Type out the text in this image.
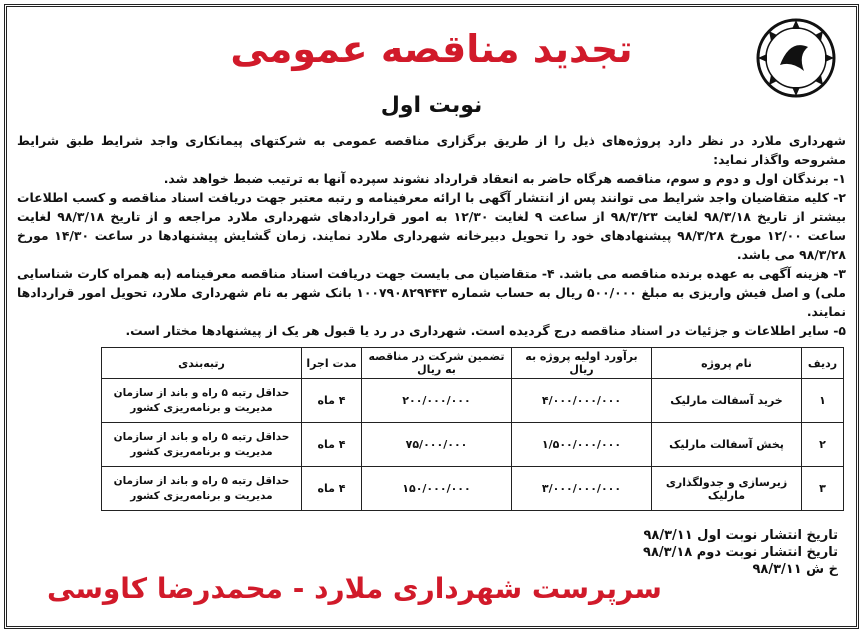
تجدید مناقصه عمومی
نوبت اول

شهرداری ملارد در نظر دارد پروژه‌های ذیل را از طریق برگزاری مناقصه عمومی به شرکتهای پیمانکاری واجد شرایط طبق شرایط مشروحه واگذار نماید:

۱- برندگان اول و دوم و سوم، مناقصه هرگاه حاضر به انعقاد قرارداد نشوند سپرده آنها به ترتیب ضبط خواهد شد.

۲- کلیه متقاضیان واجد شرایط می توانند پس از انتشار آگهی با ارائه معرفینامه و رتبه معتبر جهت دریافت اسناد مناقصه و کسب اطلاعات بیشتر از تاریخ ۹۸/۳/۱۸ لغایت ۹۸/۳/۲۳ از ساعت ۹ لغایت ۱۲/۳۰ به امور قراردادهای شهرداری ملارد مراجعه و از تاریخ ۹۸/۳/۱۸ لغایت ساعت ۱۲/۰۰ مورخ ۹۸/۳/۲۸ پیشنهادهای خود را تحویل دبیرخانه شهرداری ملارد نمایند. زمان گشایش پیشنهادها در ساعت ۱۴/۳۰ مورخ ۹۸/۳/۲۸ می باشد.

۳- هزینه آگهی به عهده برنده مناقصه می باشد. ۴- متقاضیان می بایست جهت دریافت اسناد مناقصه معرفینامه (به همراه کارت شناسایی ملی) و اصل فیش واریزی به مبلغ ۵۰۰/۰۰۰ ریال به حساب شماره ۱۰۰۷۹۰۸۲۹۴۴۳ بانک شهر به نام شهرداری ملارد، تحویل امور قراردادها نمایند.

۵- سایر اطلاعات و جزئیات در اسناد مناقصه درج گردیده است. شهرداری در رد یا قبول هر یک از پیشنهادها مختار است.

ردیف	نام پروژه	برآورد اولیه پروژه به ریال	تضمین شرکت در مناقصه به ریال	مدت اجرا	رتبه‌بندی
۱	خرید آسفالت مارلیک	۴/۰۰۰/۰۰۰/۰۰۰	۲۰۰/۰۰۰/۰۰۰	۴ ماه	حداقل رتبه ۵ راه و باند از سازمان مدیریت و برنامه‌ریزی کشور
۲	پخش آسفالت مارلیک	۱/۵۰۰/۰۰۰/۰۰۰	۷۵/۰۰۰/۰۰۰	۴ ماه	حداقل رتبه ۵ راه و باند از سازمان مدیریت و برنامه‌ریزی کشور
۳	زیرسازی و جدولگذاری مارلیک	۳/۰۰۰/۰۰۰/۰۰۰	۱۵۰/۰۰۰/۰۰۰	۴ ماه	حداقل رتبه ۵ راه و باند از سازمان مدیریت و برنامه‌ریزی کشور
تاریخ انتشار نوبت اول ۹۸/۳/۱۱
تاریخ انتشار نوبت دوم ۹۸/۳/۱۸
خ ش ۹۸/۳/۱۱
سرپرست شهرداری ملارد - محمدرضا کاوسی
